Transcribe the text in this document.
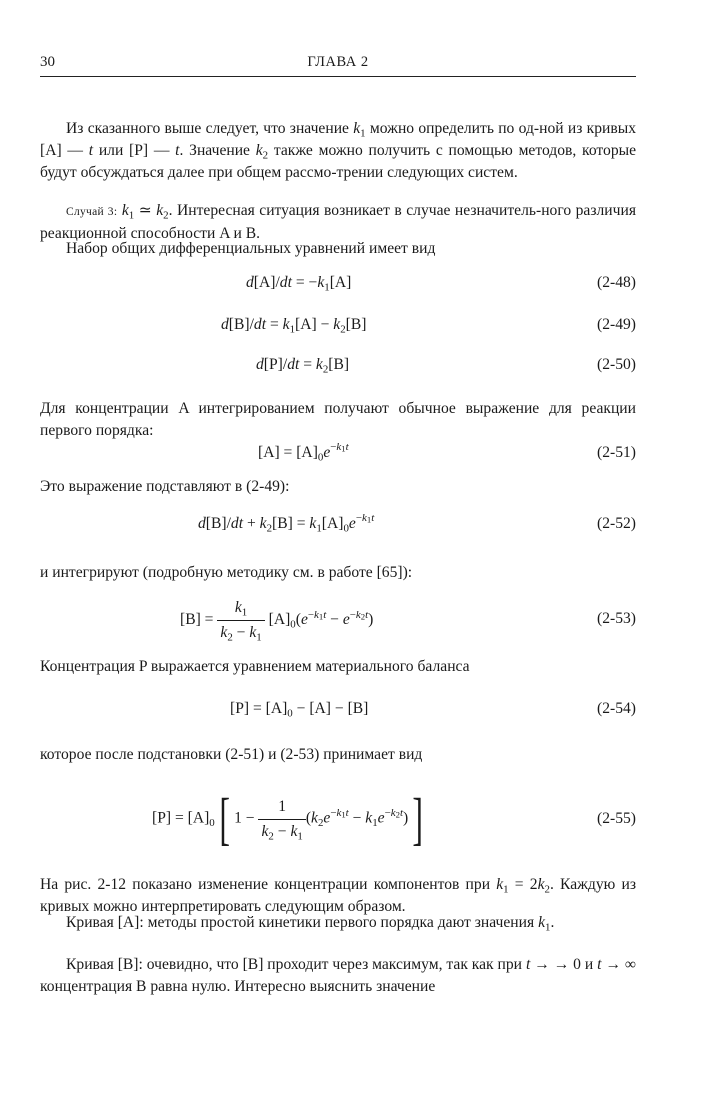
30	ГЛАВА 2

Из сказанного выше следует, что значение $k_1$ можно определить по од-ной из кривых [A] — t или [P] — t. Значение $k_2$ также можно получить с помощью методов, которые будут обсуждаться далее при общем рассмо-трении следующих систем.

Случай 3: $k_1$ ≃ $k_2$. Интересная ситуация возникает в случае незначитель-ного различия реакционной способности A и B.

Набор общих дифференциальных уравнений имеет вид

$d[A]/dt = -k_1[A]$	(2-48)
$d[B]/dt = k_1[A] - k_2[B]$	(2-49)
$d[P]/dt = k_2[B]$	(2-50)

Для концентрации A интегрированием получают обычное выражение для реакции первого порядка:

$[A] = [A]_0e^{-k_1t}$	(2-51)

Это выражение подставляют в (2-49):

$d[B]/dt + k_2[B] = k_1[A]_0e^{-k_1t}$	(2-52)

и интегрируют (подробную методику см. в работе [65]):

$[B] = \frac{k_1}{k_2 - k_1} [A]_0(e^{-k_1t} - e^{-k_2t})$	(2-53)

Концентрация P выражается уравнением материального баланса

$[P] = [A]_0 - [A] - [B]$	(2-54)

которое после подстановки (2-51) и (2-53) принимает вид

$[P] = [A]_0$[ $1 - \frac{1}{k_2 - k_1} (k_2e^{-k_1t} - k_1e^{-k_2t})$]	(2-55)

На рис. 2-12 показано изменение концентрации компонентов при $k_1 = 2k_2$. Каждую из кривых можно интерпретировать следующим образом.

Кривая [A]: методы простой кинетики первого порядка дают значения $k_1$.

Кривая [B]: очевидно, что [B] проходит через максимум, так как при t → → 0 и t → ∞ концентрация B равна нулю. Интересно выяснить значение
